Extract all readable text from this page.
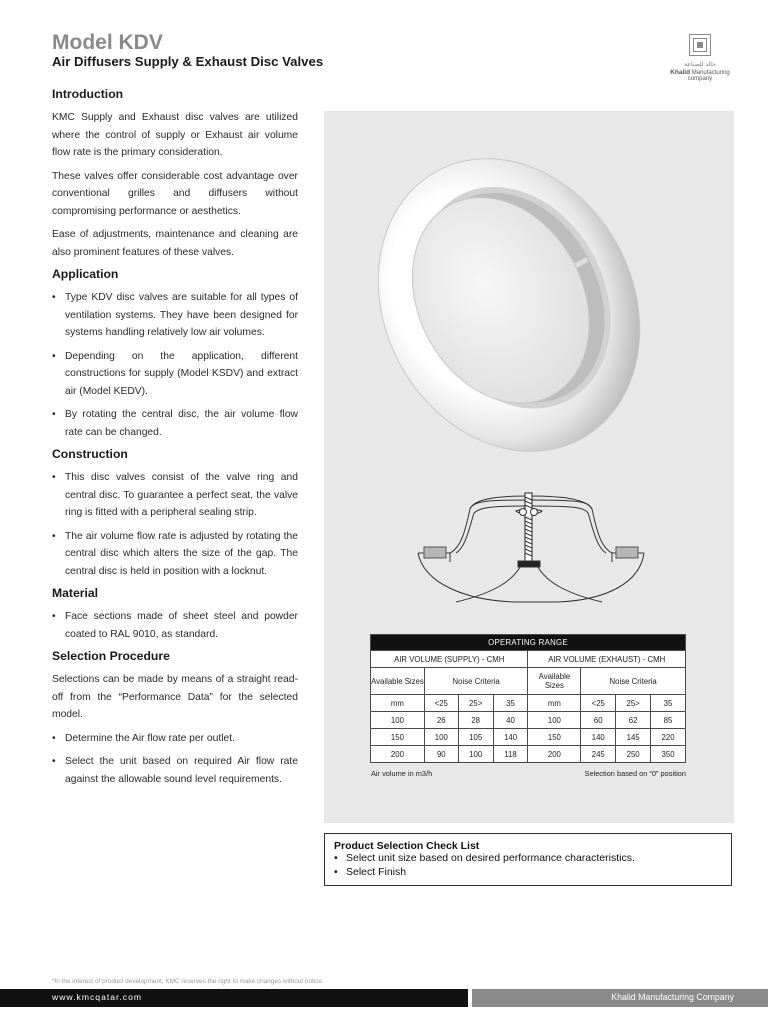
Model KDV
Air Diffusers Supply & Exhaust Disc Valves	خالد للصناعة
Khalid Manufacturing company
Introduction

KMC Supply and Exhaust disc valves are utilized where the control of supply or Exhaust air volume flow rate is the primary consideration.

These valves offer considerable cost advantage over conventional grilles and diffusers without compromising performance or aesthetics.

Ease of adjustments, maintenance and cleaning are also prominent features of these valves.

Application
• Type KDV disc valves are suitable for all types of ventilation systems. They have been designed for systems handling relatively low air volumes.
• Depending on the application, different constructions for supply (Model KSDV) and extract air (Model KEDV).
• By rotating the central disc, the air volume flow rate can be changed.
Construction
• This disc valves consist of the valve ring and central disc. To guarantee a perfect seat, the valve ring is fitted with a peripheral sealing strip.
• The air volume flow rate is adjusted by rotating the central disc which alters the size of the gap. The central disc is held in position with a locknut.
Material
• Face sections made of sheet steel and powder coated to RAL 9010, as standard.
Selection Procedure

Selections can be made by means of a straight read-off from the “Performance Data” for the selected model.

• Determine the Air flow rate per outlet.
• Select the unit based on required Air flow rate against the allowable sound level requirements.
OPERATING RANGE							
AIR VOLUME (SUPPLY) - CMH				AIR VOLUME (EXHAUST) - CMH			
Available Sizes	Noise Criteria			Available Sizes	Noise Criteria		
mm	<25	25>	35	mm	<25	25>	35
100	26	28	40	100	60	62	85
150	100	105	140	150	140	145	220
200	90	100	118	200	245	250	350
Air volume in m3/h	Selection based on “0” position
Product Selection Check List
• Select unit size based on desired performance characteristics.
• Select Finish
*In the interest of product development, KMC reserves the right to make changes without notice.
www.kmcqatar.com	Khalid Manufacturing Company
